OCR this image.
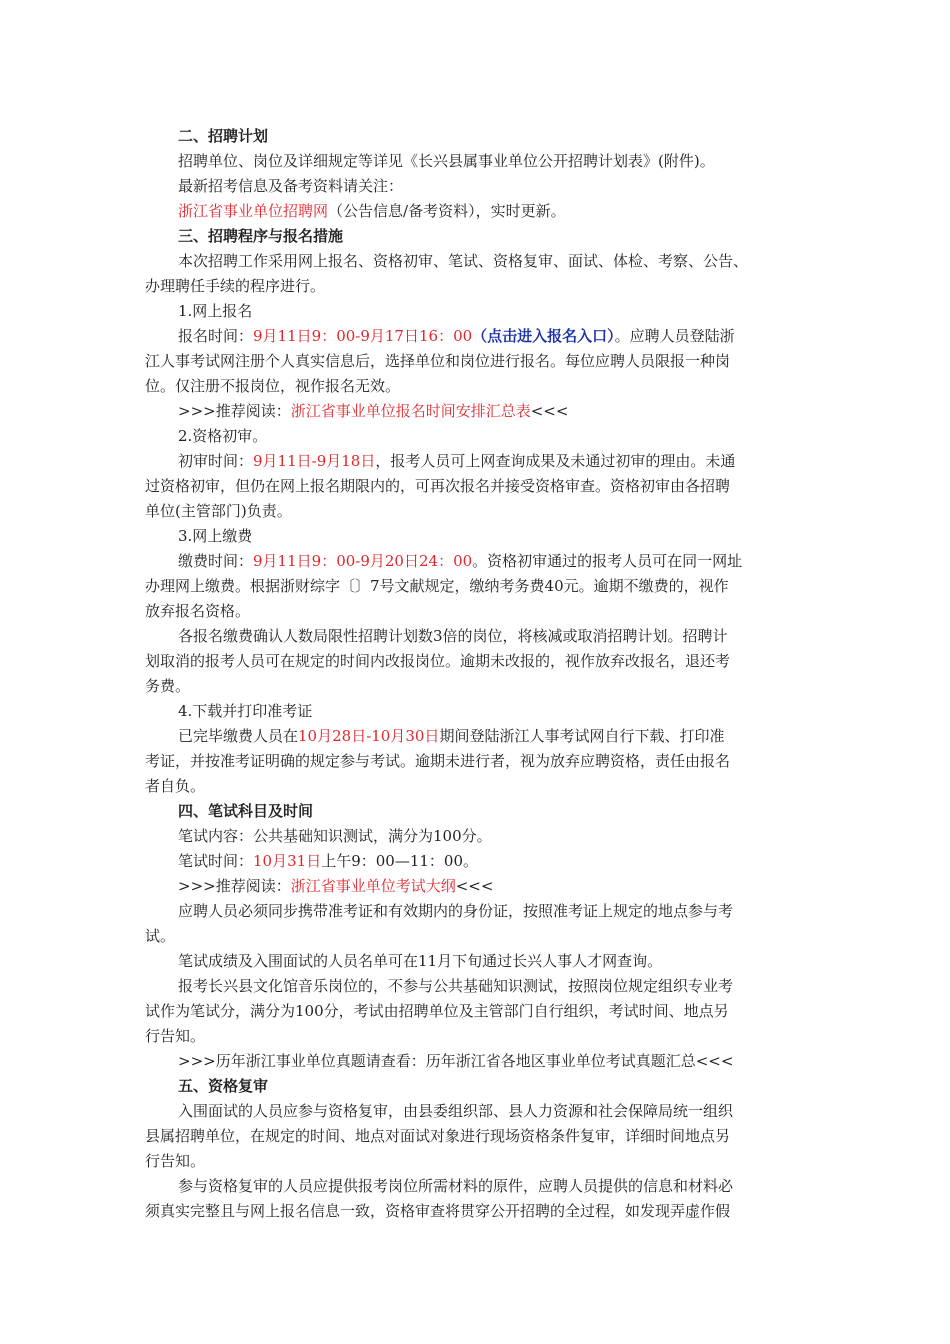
二、招聘计划
招聘单位、岗位及详细规定等详见《长兴县属事业单位公开招聘计划表》(附件)。
最新招考信息及备考资料请关注：
浙江省事业单位招聘网（公告信息/备考资料），实时更新。
三、招聘程序与报名措施
本次招聘工作采用网上报名、资格初审、笔试、资格复审、面试、体检、考察、公告、
办理聘任手续的程序进行。
1.网上报名
报名时间：9月11日9：00-9月17日16：00（点击进入报名入口）。应聘人员登陆浙
江人事考试网注册个人真实信息后，选择单位和岗位进行报名。每位应聘人员限报一种岗
位。仅注册不报岗位，视作报名无效。
>>>推荐阅读：浙江省事业单位报名时间安排汇总表<<<
2.资格初审。
初审时间：9月11日-9月18日，报考人员可上网查询成果及未通过初审的理由。未通
过资格初审，但仍在网上报名期限内的，可再次报名并接受资格审查。资格初审由各招聘
单位(主管部门)负责。
3.网上缴费
缴费时间：9月11日9：00-9月20日24：00。资格初审通过的报考人员可在同一网址
办理网上缴费。根据浙财综字〔〕7号文献规定，缴纳考务费40元。逾期不缴费的，视作
放弃报名资格。
各报名缴费确认人数局限性招聘计划数3倍的岗位，将核减或取消招聘计划。招聘计
划取消的报考人员可在规定的时间内改报岗位。逾期未改报的，视作放弃改报名，退还考
务费。
4.下载并打印准考证
已完毕缴费人员在10月28日-10月30日期间登陆浙江人事考试网自行下载、打印准
考证，并按准考证明确的规定参与考试。逾期未进行者，视为放弃应聘资格，责任由报名
者自负。
四、笔试科目及时间
笔试内容：公共基础知识测试，满分为100分。
笔试时间：10月31日上午9：00—11：00。
>>>推荐阅读：浙江省事业单位考试大纲<<<
应聘人员必须同步携带准考证和有效期内的身份证，按照准考证上规定的地点参与考
试。
笔试成绩及入围面试的人员名单可在11月下旬通过长兴人事人才网查询。
报考长兴县文化馆音乐岗位的，不参与公共基础知识测试，按照岗位规定组织专业考
试作为笔试分，满分为100分，考试由招聘单位及主管部门自行组织，考试时间、地点另
行告知。
>>>历年浙江事业单位真题请查看：历年浙江省各地区事业单位考试真题汇总<<<
五、资格复审
入围面试的人员应参与资格复审，由县委组织部、县人力资源和社会保障局统一组织
县属招聘单位，在规定的时间、地点对面试对象进行现场资格条件复审，详细时间地点另
行告知。
参与资格复审的人员应提供报考岗位所需材料的原件，应聘人员提供的信息和材料必
须真实完整且与网上报名信息一致，资格审查将贯穿公开招聘的全过程，如发现弄虚作假
